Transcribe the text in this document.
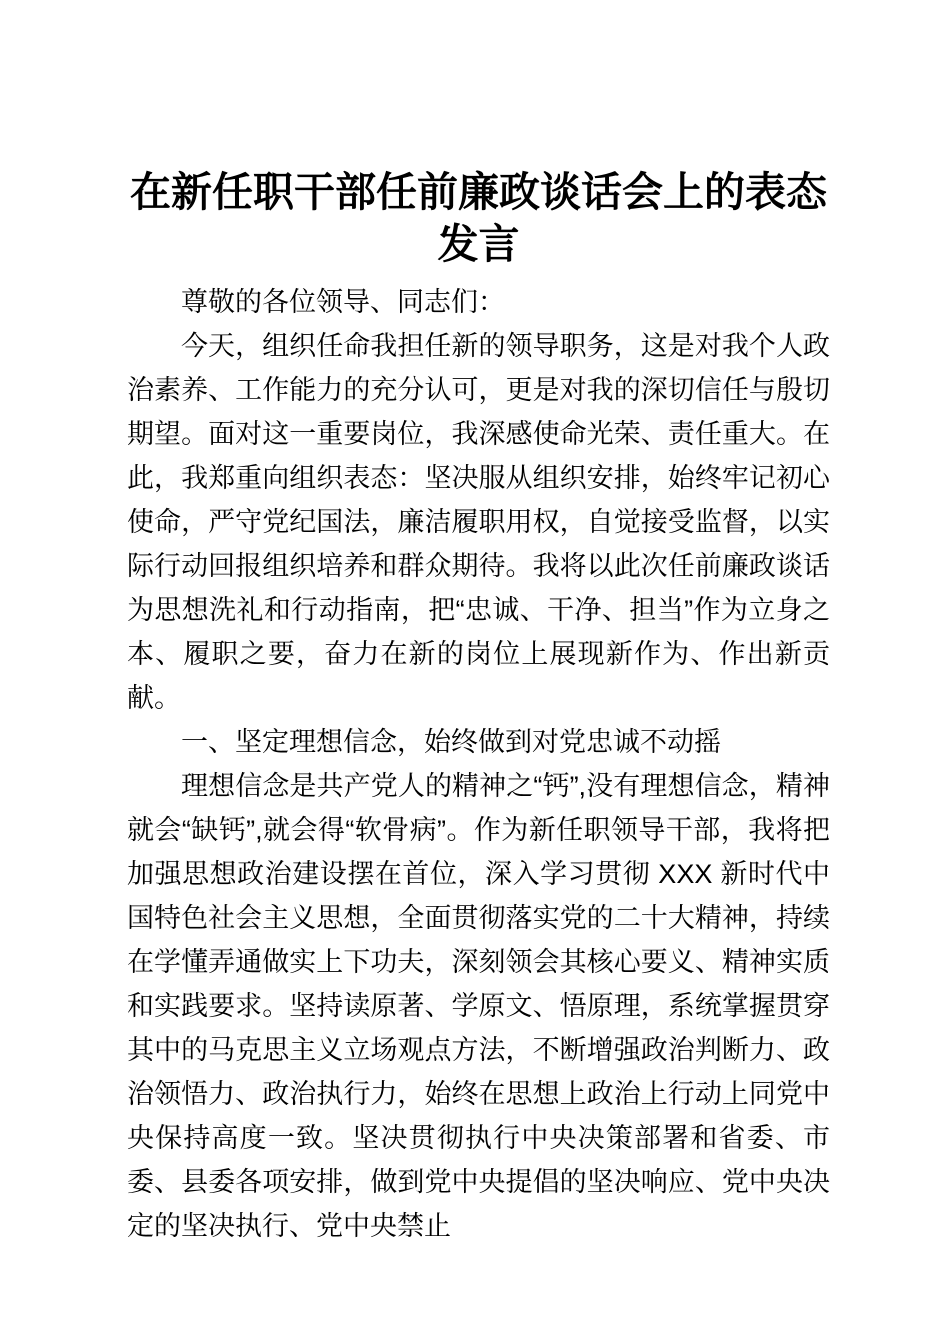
在新任职干部任前廉政谈话会上的表态发言

尊敬的各位领导、同志们：

今天，组织任命我担任新的领导职务，这是对我个人政治素养、工作能力的充分认可，更是对我的深切信任与殷切期望。面对这一重要岗位，我深感使命光荣、责任重大。在此，我郑重向组织表态：坚决服从组织安排，始终牢记初心使命，严守党纪国法，廉洁履职用权，自觉接受监督，以实际行动回报组织培养和群众期待。我将以此次任前廉政谈话为思想洗礼和行动指南，把“忠诚、干净、担当”作为立身之本、履职之要，奋力在新的岗位上展现新作为、作出新贡献。

一、坚定理想信念，始终做到对党忠诚不动摇

理想信念是共产党人的精神之“钙”,没有理想信念，精神就会“缺钙”,就会得“软骨病”。作为新任职领导干部，我将把加强思想政治建设摆在首位，深入学习贯彻 XXX 新时代中国特色社会主义思想，全面贯彻落实党的二十大精神，持续在学懂弄通做实上下功夫，深刻领会其核心要义、精神实质和实践要求。坚持读原著、学原文、悟原理，系统掌握贯穿其中的马克思主义立场观点方法，不断增强政治判断力、政治领悟力、政治执行力，始终在思想上政治上行动上同党中央保持高度一致。坚决贯彻执行中央决策部署和省委、市委、县委各项安排，做到党中央提倡的坚决响应、党中央决定的坚决执行、党中央禁止
